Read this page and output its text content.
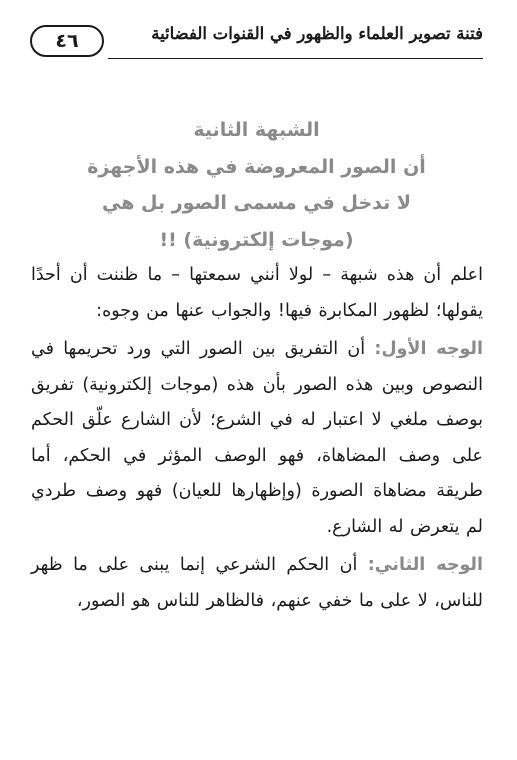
فتنة تصوير العلماء والظهور في القنوات الفضائية
٤٦
الشبهة الثانية
أن الصور المعروضة في هذه الأجهزة
لا تدخل في مسمى الصور بل هي
(موجات إلكترونية) !!

اعلم أن هذه شبهة – لولا أنني سمعتها – ما ظننت أن أحدًا يقولها؛ لظهور المكابرة فيها! والجواب عنها من وجوه:

الوجه الأول: أن التفريق بين الصور التي ورد تحريمها في النصوص وبين هذه الصور بأن هذه (موجات إلكترونية) تفريق بوصف ملغي لا اعتبار له في الشرع؛ لأن الشارع علّق الحكم على وصف المضاهاة، فهو الوصف المؤثر في الحكم، أما طريقة مضاهاة الصورة (وإظهارها للعيان) فهو وصف طردي لم يتعرض له الشارع.

الوجه الثاني: أن الحكم الشرعي إنما يبنى على ما ظهر للناس، لا على ما خفي عنهم، فالظاهر للناس هو الصور،
